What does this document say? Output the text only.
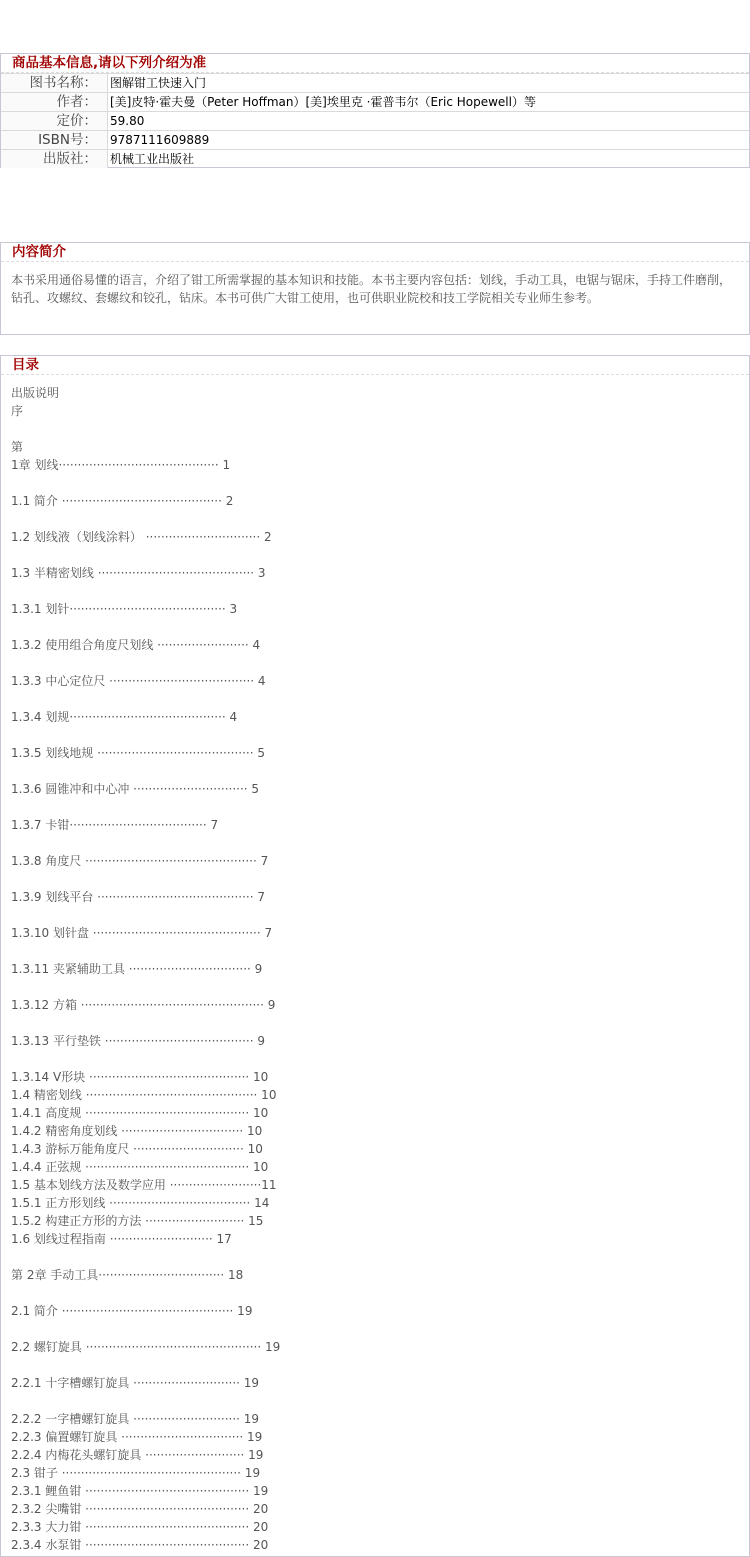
商品基本信息,请以下列介绍为准
图书名称：	图解钳工快速入门
作者：	[美]皮特·霍夫曼（Peter Hoffman）[美]埃里克 ·霍普韦尔（Eric Hopewell）等
定价：	59.80
ISBN号：	9787111609889
出版社：	机械工业出版社
内容简介
本书采用通俗易懂的语言，介绍了钳工所需掌握的基本知识和技能。本书主要内容包括：划线，手动工具，电锯与锯床，手持工件磨削，钻孔、攻螺纹、套螺纹和铰孔，钻床。本书可供广大钳工使用，也可供职业院校和技工学院相关专业师生参考。
目录
出版说明
序
第
1章 划线·········································· 1
1.1 简介 ·········································· 2
1.2 划线液（划线涂料） ······························ 2
1.3 半精密划线 ········································· 3
1.3.1 划针········································· 3
1.3.2 使用组合角度尺划线 ························ 4
1.3.3 中心定位尺 ······································ 4
1.3.4 划规········································· 4
1.3.5 划线地规 ········································· 5
1.3.6 圆锥冲和中心冲 ······························ 5
1.3.7 卡钳···································· 7
1.3.8 角度尺 ············································· 7
1.3.9 划线平台 ········································· 7
1.3.10 划针盘 ············································ 7
1.3.11 夹紧辅助工具 ································ 9
1.3.12 方箱 ················································ 9
1.3.13 平行垫铁 ······································· 9
1.3.14 V形块 ·········································· 10
1.4 精密划线 ············································· 10
1.4.1 高度规 ··········································· 10
1.4.2 精密角度划线 ································ 10
1.4.3 游标万能角度尺 ····························· 10
1.4.4 正弦规 ··········································· 10
1.5 基本划线方法及数学应用 ························11
1.5.1 正方形划线 ····································· 14
1.5.2 构建正方形的方法 ·························· 15
1.6 划线过程指南 ··························· 17
第 2章 手动工具································· 18
2.1 简介 ············································· 19
2.2 螺钉旋具 ·············································· 19
2.2.1 十字槽螺钉旋具 ···························· 19
2.2.2 一字槽螺钉旋具 ···························· 19
2.2.3 偏置螺钉旋具 ································ 19
2.2.4 内梅花头螺钉旋具 ·························· 19
2.3 钳子 ··············································· 19
2.3.1 鲤鱼钳 ··········································· 19
2.3.2 尖嘴钳 ··········································· 20
2.3.3 大力钳 ··········································· 20
2.3.4 水泵钳 ··········································· 20
